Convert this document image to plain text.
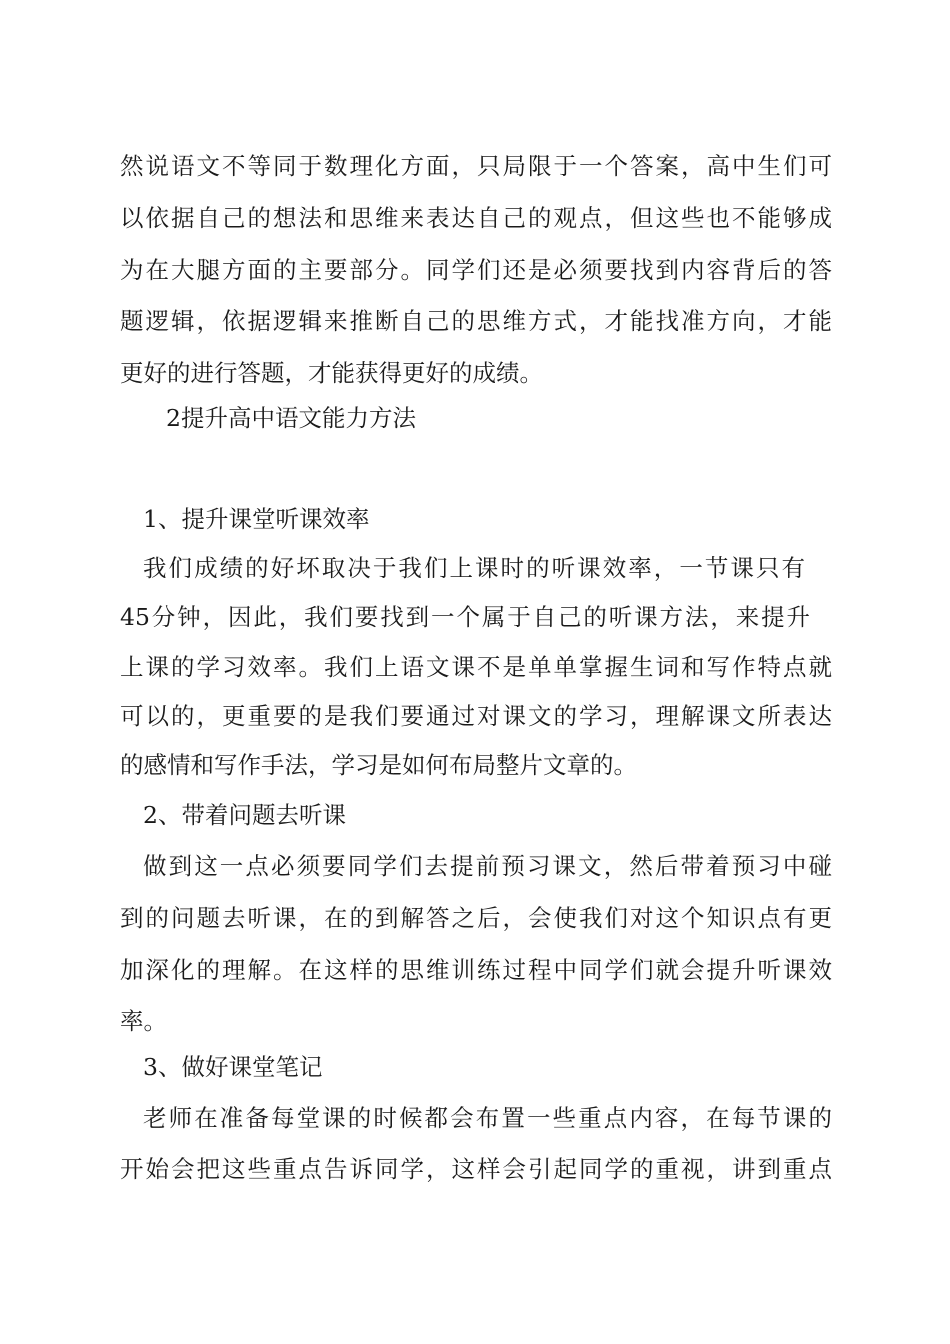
然说语文不等同于数理化方面，只局限于一个答案，高中生们可
以依据自己的想法和思维来表达自己的观点，但这些也不能够成
为在大腿方面的主要部分。同学们还是必须要找到内容背后的答
题逻辑，依据逻辑来推断自己的思维方式，才能找准方向，才能
更好的进行答题，才能获得更好的成绩。
2提升高中语文能力方法
1、提升课堂听课效率
我们成绩的好坏取决于我们上课时的听课效率，一节课只有
45分钟，因此，我们要找到一个属于自己的听课方法，来提升
上课的学习效率。我们上语文课不是单单掌握生词和写作特点就
可以的，更重要的是我们要通过对课文的学习，理解课文所表达
的感情和写作手法，学习是如何布局整片文章的。
2、带着问题去听课
做到这一点必须要同学们去提前预习课文，然后带着预习中碰
到的问题去听课，在的到解答之后，会使我们对这个知识点有更
加深化的理解。在这样的思维训练过程中同学们就会提升听课效
率。
3、做好课堂笔记
老师在准备每堂课的时候都会布置一些重点内容，在每节课的
开始会把这些重点告诉同学，这样会引起同学的重视，讲到重点
